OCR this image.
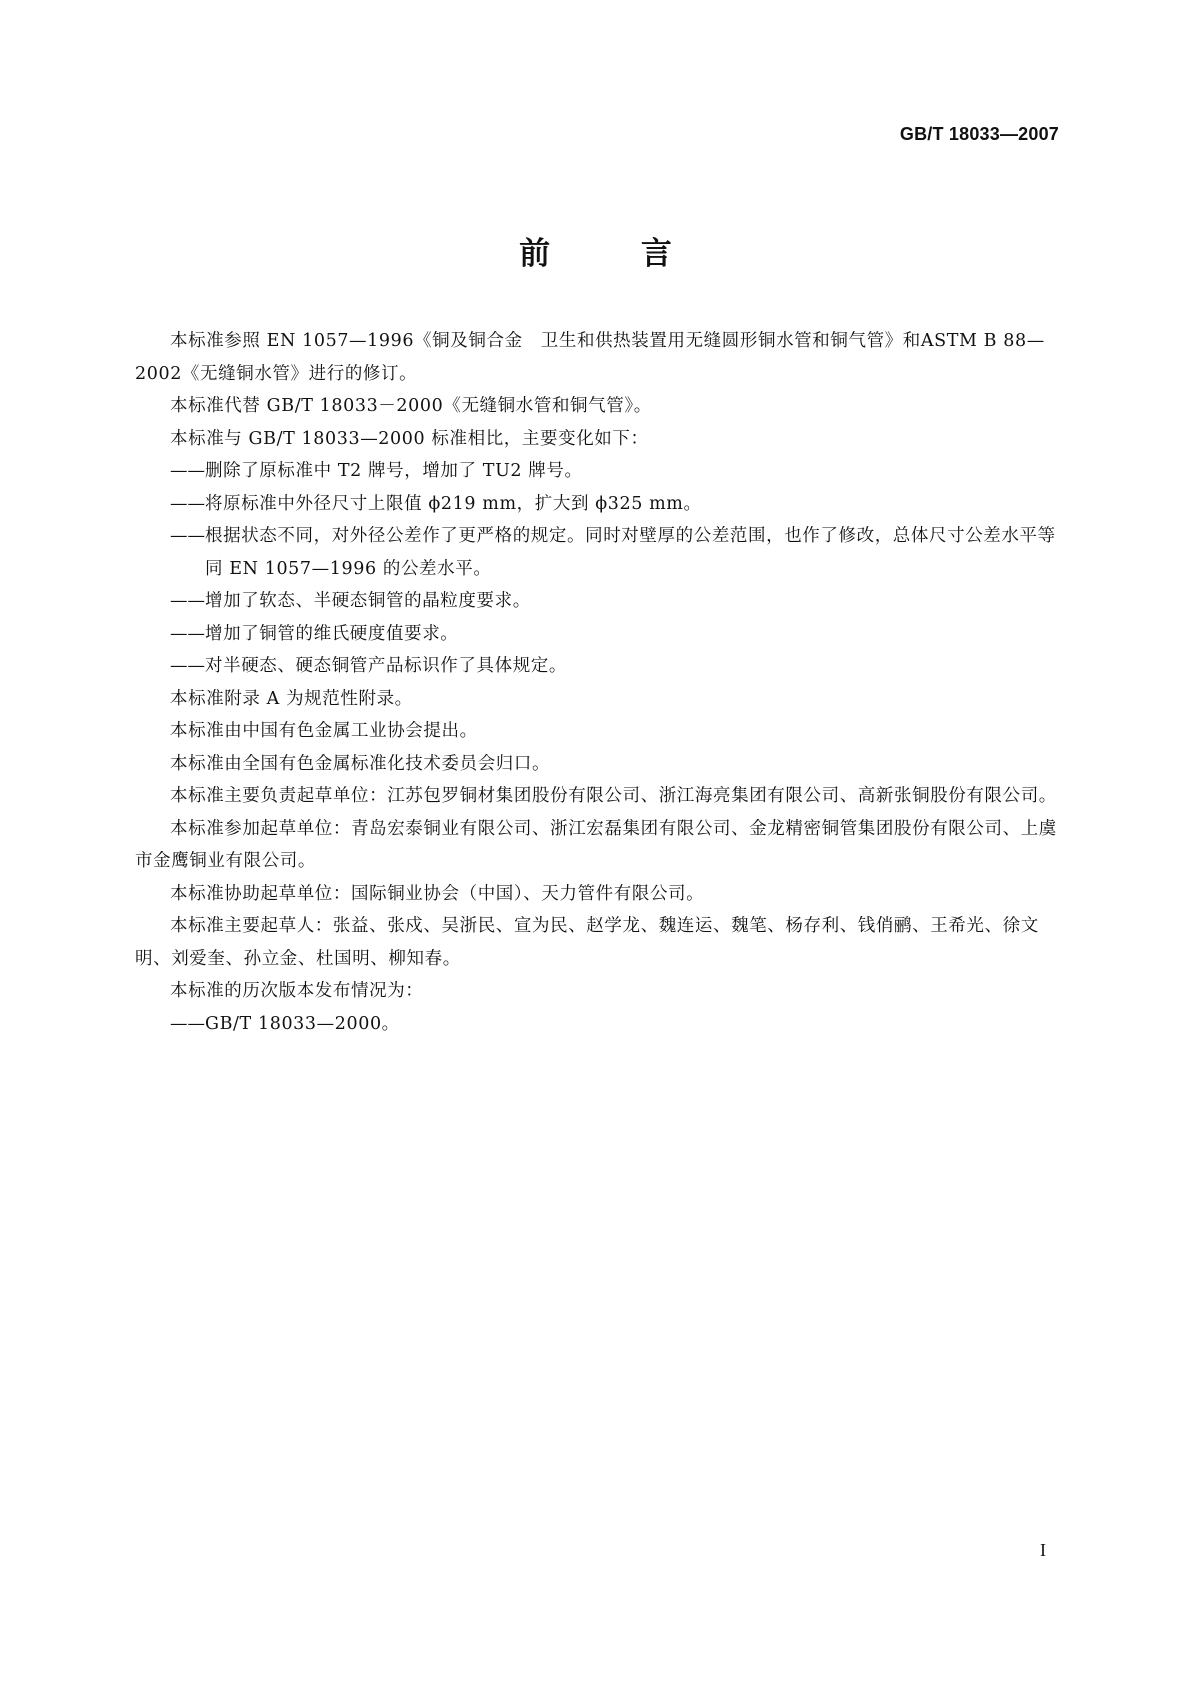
GB/T 18033—2007
前 言

本标准参照 EN 1057—1996《铜及铜合金　卫生和供热装置用无缝圆形铜水管和铜气管》和ASTM B 88—2002《无缝铜水管》进行的修订。

本标准代替 GB/T 18033－2000《无缝铜水管和铜气管》。

本标准与 GB/T 18033—2000 标准相比，主要变化如下：

——删除了原标准中 T2 牌号，增加了 TU2 牌号。

——将原标准中外径尺寸上限值 ϕ219 mm，扩大到 ϕ325 mm。

——根据状态不同，对外径公差作了更严格的规定。同时对壁厚的公差范围，也作了修改，总体尺寸公差水平等同 EN 1057—1996 的公差水平。

——增加了软态、半硬态铜管的晶粒度要求。

——增加了铜管的维氏硬度值要求。

——对半硬态、硬态铜管产品标识作了具体规定。

本标准附录 A 为规范性附录。

本标准由中国有色金属工业协会提出。

本标准由全国有色金属标准化技术委员会归口。

本标准主要负责起草单位：江苏包罗铜材集团股份有限公司、浙江海亮集团有限公司、高新张铜股份有限公司。

本标准参加起草单位：青岛宏泰铜业有限公司、浙江宏磊集团有限公司、金龙精密铜管集团股份有限公司、上虞市金鹰铜业有限公司。

本标准协助起草单位：国际铜业协会（中国）、天力管件有限公司。

本标准主要起草人：张益、张戍、吴浙民、宣为民、赵学龙、魏连运、魏笔、杨存利、钱俏鹂、王希光、徐文明、刘爱奎、孙立金、杜国明、柳知春。

本标准的历次版本发布情况为：

——GB/T 18033—2000。

I
